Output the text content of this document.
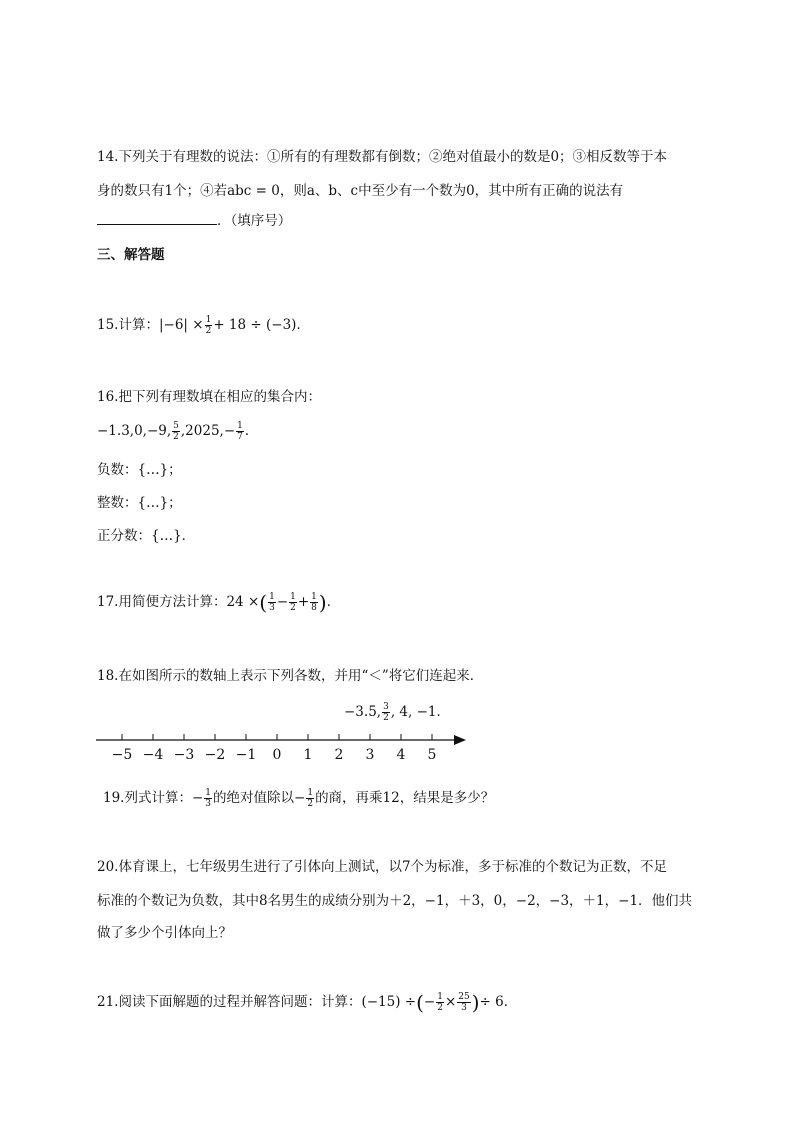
14.下列关于有理数的说法：①所有的有理数都有倒数；②绝对值最小的数是0；③相反数等于本
身的数只有1个；④若abc = 0，则a、b、c中至少有一个数为0，其中所有正确的说法有
．（填序号）
三、解答题
15.计算：$|-6| \times \frac{1}{2} + 18 \div (-3)$．
16.把下列有理数填在相应的集合内：
−1.3,0,−9, $\frac{5}{2} ,2025,- \frac{1}{7}$ ．
负数：{…}；
整数：{…}；
正分数：{…}．
17.用简便方法计算：24 ×( $\frac{1}{3} - \frac{1}{2} + \frac{1}{8}$ )．
18.在如图所示的数轴上表示下列各数，并用“＜”将它们连起来．
−3.5, $\frac{3}{2}$ , 4, −1．
−5 −4 −3 −2 −1 0 1 2 3 4 5
19.列式计算：− $\frac{1}{3}$ 的绝对值除以− $\frac{1}{2}$ 的商，再乘12，结果是多少？
20.体育课上，七年级男生进行了引体向上测试，以7个为标准，多于标准的个数记为正数，不足
标准的个数记为负数，其中8名男生的成绩分别为＋2，−1，＋3，0，−2，−3，＋1，−1．他们共
做了多少个引体向上？
21.阅读下面解题的过程并解答问题：计算：(−15) ÷(− $\frac{1}{2} \times \frac{25}{3}$ )÷ 6．
